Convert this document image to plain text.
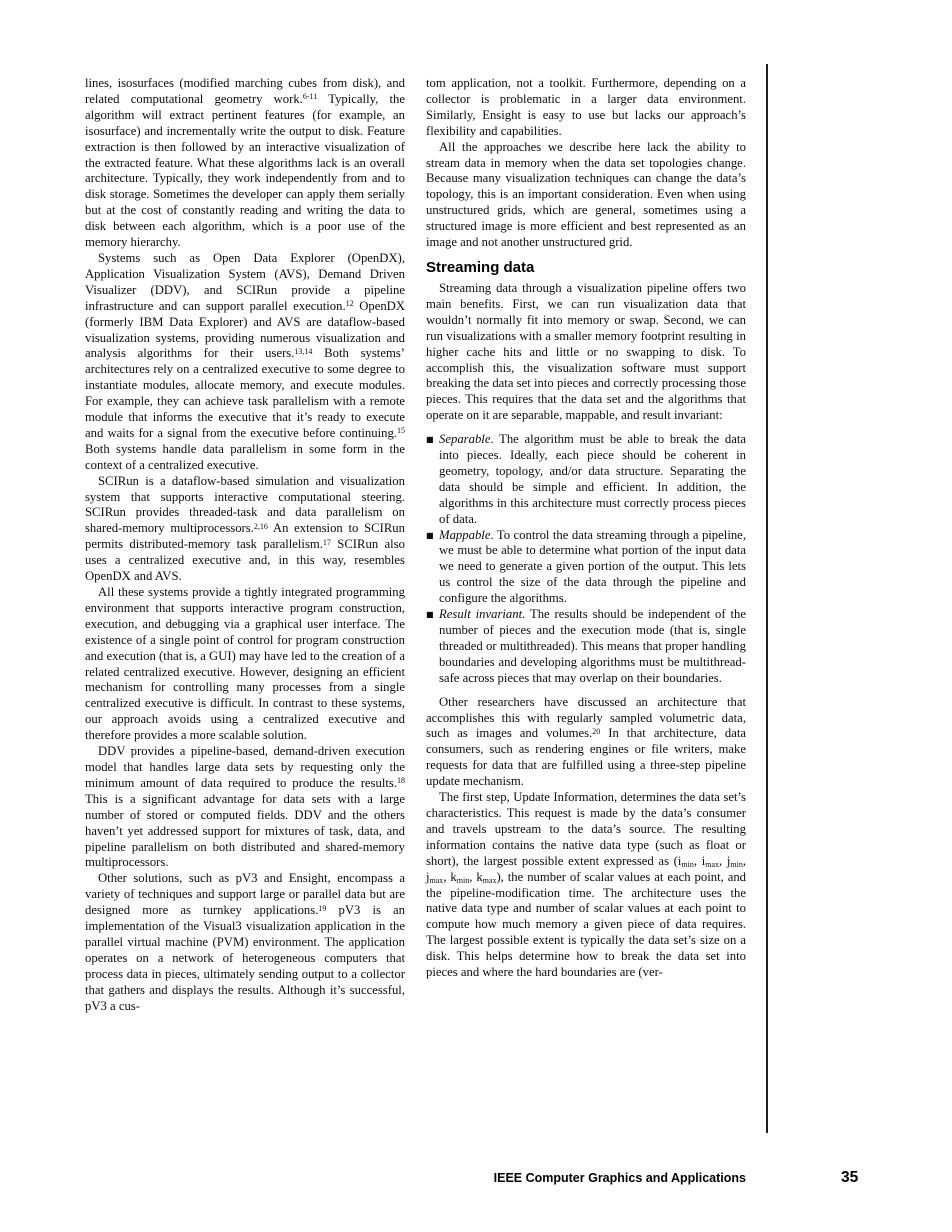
lines, isosurfaces (modified marching cubes from disk), and related computational geometry work.$^{6-11}$ Typically, the algorithm will extract pertinent features (for example, an isosurface) and incrementally write the output to disk. Feature extraction is then followed by an interactive visualization of the extracted feature. What these algorithms lack is an overall architecture. Typically, they work independently from and to disk storage. Sometimes the developer can apply them serially but at the cost of constantly reading and writing the data to disk between each algorithm, which is a poor use of the memory hierarchy.

Systems such as Open Data Explorer (OpenDX), Application Visualization System (AVS), Demand Driven Visualizer (DDV), and SCIRun provide a pipeline infrastructure and can support parallel execution.$^{12}$ OpenDX (formerly IBM Data Explorer) and AVS are dataflow-based visualization systems, providing numerous visualization and analysis algorithms for their users.$^{13,14}$ Both systems’ architectures rely on a centralized executive to some degree to instantiate modules, allocate memory, and execute modules. For example, they can achieve task parallelism with a remote module that informs the executive that it’s ready to execute and waits for a signal from the executive before continuing.$^{15}$ Both systems handle data parallelism in some form in the context of a centralized executive.

SCIRun is a dataflow-based simulation and visualization system that supports interactive computational steering. SCIRun provides threaded-task and data parallelism on shared-memory multiprocessors.$^{2,16}$ An extension to SCIRun permits distributed-memory task parallelism.$^{17}$ SCIRun also uses a centralized executive and, in this way, resembles OpenDX and AVS.

All these systems provide a tightly integrated programming environment that supports interactive program construction, execution, and debugging via a graphical user interface. The existence of a single point of control for program construction and execution (that is, a GUI) may have led to the creation of a related centralized executive. However, designing an efficient mechanism for controlling many processes from a single centralized executive is difficult. In contrast to these systems, our approach avoids using a centralized executive and therefore provides a more scalable solution.

DDV provides a pipeline-based, demand-driven execution model that handles large data sets by requesting only the minimum amount of data required to produce the results.$^{18}$ This is a significant advantage for data sets with a large number of stored or computed fields. DDV and the others haven’t yet addressed support for mixtures of task, data, and pipeline parallelism on both distributed and shared-memory multiprocessors.

Other solutions, such as pV3 and Ensight, encompass a variety of techniques and support large or parallel data but are designed more as turnkey applications.$^{19}$ pV3 is an implementation of the Visual3 visualization application in the parallel virtual machine (PVM) environment. The application operates on a network of heterogeneous computers that process data in pieces, ultimately sending output to a collector that gathers and displays the results. Although it’s successful, pV3 a cus-

tom application, not a toolkit. Furthermore, depending on a collector is problematic in a larger data environment. Similarly, Ensight is easy to use but lacks our approach’s flexibility and capabilities.

All the approaches we describe here lack the ability to stream data in memory when the data set topologies change. Because many visualization techniques can change the data’s topology, this is an important consideration. Even when using unstructured grids, which are general, sometimes using a structured image is more efficient and best represented as an image and not another unstructured grid.

Streaming data

Streaming data through a visualization pipeline offers two main benefits. First, we can run visualization data that wouldn’t normally fit into memory or swap. Second, we can run visualizations with a smaller memory footprint resulting in higher cache hits and little or no swapping to disk. To accomplish this, the visualization software must support breaking the data set into pieces and correctly processing those pieces. This requires that the data set and the algorithms that operate on it are separable, mappable, and result invariant:

■ Separable. The algorithm must be able to break the data into pieces. Ideally, each piece should be coherent in geometry, topology, and/or data structure. Separating the data should be simple and efficient. In addition, the algorithms in this architecture must correctly process pieces of data.
■ Mappable. To control the data streaming through a pipeline, we must be able to determine what portion of the input data we need to generate a given portion of the output. This lets us control the size of the data through the pipeline and configure the algorithms.
■ Result invariant. The results should be independent of the number of pieces and the execution mode (that is, single threaded or multithreaded). This means that proper handling boundaries and developing algorithms must be multithread-safe across pieces that may overlap on their boundaries.

Other researchers have discussed an architecture that accomplishes this with regularly sampled volumetric data, such as images and volumes.$^{20}$ In that architecture, data consumers, such as rendering engines or file writers, make requests for data that are fulfilled using a three-step pipeline update mechanism.

The first step, Update Information, determines the data set’s characteristics. This request is made by the data’s consumer and travels upstream to the data’s source. The resulting information contains the native data type (such as float or short), the largest possible extent expressed as ($i_{min}$, $i_{max}$, $j_{min}$, $j_{max}$, $k_{min}$, $k_{max}$), the number of scalar values at each point, and the pipeline-modification time. The architecture uses the native data type and number of scalar values at each point to compute how much memory a given piece of data requires. The largest possible extent is typically the data set’s size on a disk. This helps determine how to break the data set into pieces and where the hard boundaries are (ver-

IEEE Computer Graphics and Applications	35
